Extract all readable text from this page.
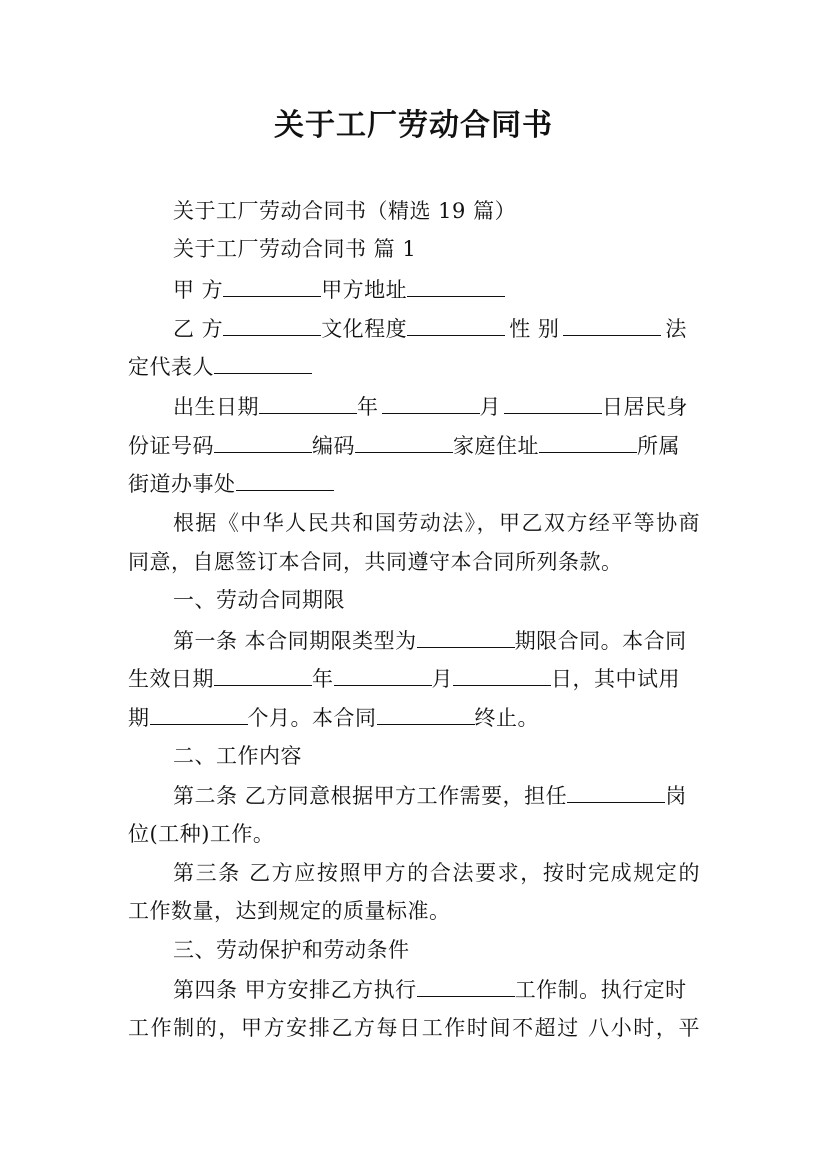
关于工厂劳动合同书
关于工厂劳动合同书（精选 19 篇）
关于工厂劳动合同书 篇 1
甲 方	甲方地址
乙 方	文化程度	性 别	法
定代表人
出生日期	年	月	日居民身
份证号码	编码	家庭住址	所属
街道办事处
根据《中华人民共和国劳动法》，甲乙双方经平等协商
同意，自愿签订本合同，共同遵守本合同所列条款。
一、劳动合同期限
第一条 本合同期限类型为	期限合同。本合同
生效日期	年	月	日，其中试用
期	个月。本合同	终止。
二、工作内容
第二条 乙方同意根据甲方工作需要，担任	岗
位(工种)工作。
第三条 乙方应按照甲方的合法要求，按时完成规定的
工作数量，达到规定的质量标准。
三、劳动保护和劳动条件
第四条 甲方安排乙方执行	工作制。执行定时
工作制的，甲方安排乙方每日工作时间不超过 八小时，平
